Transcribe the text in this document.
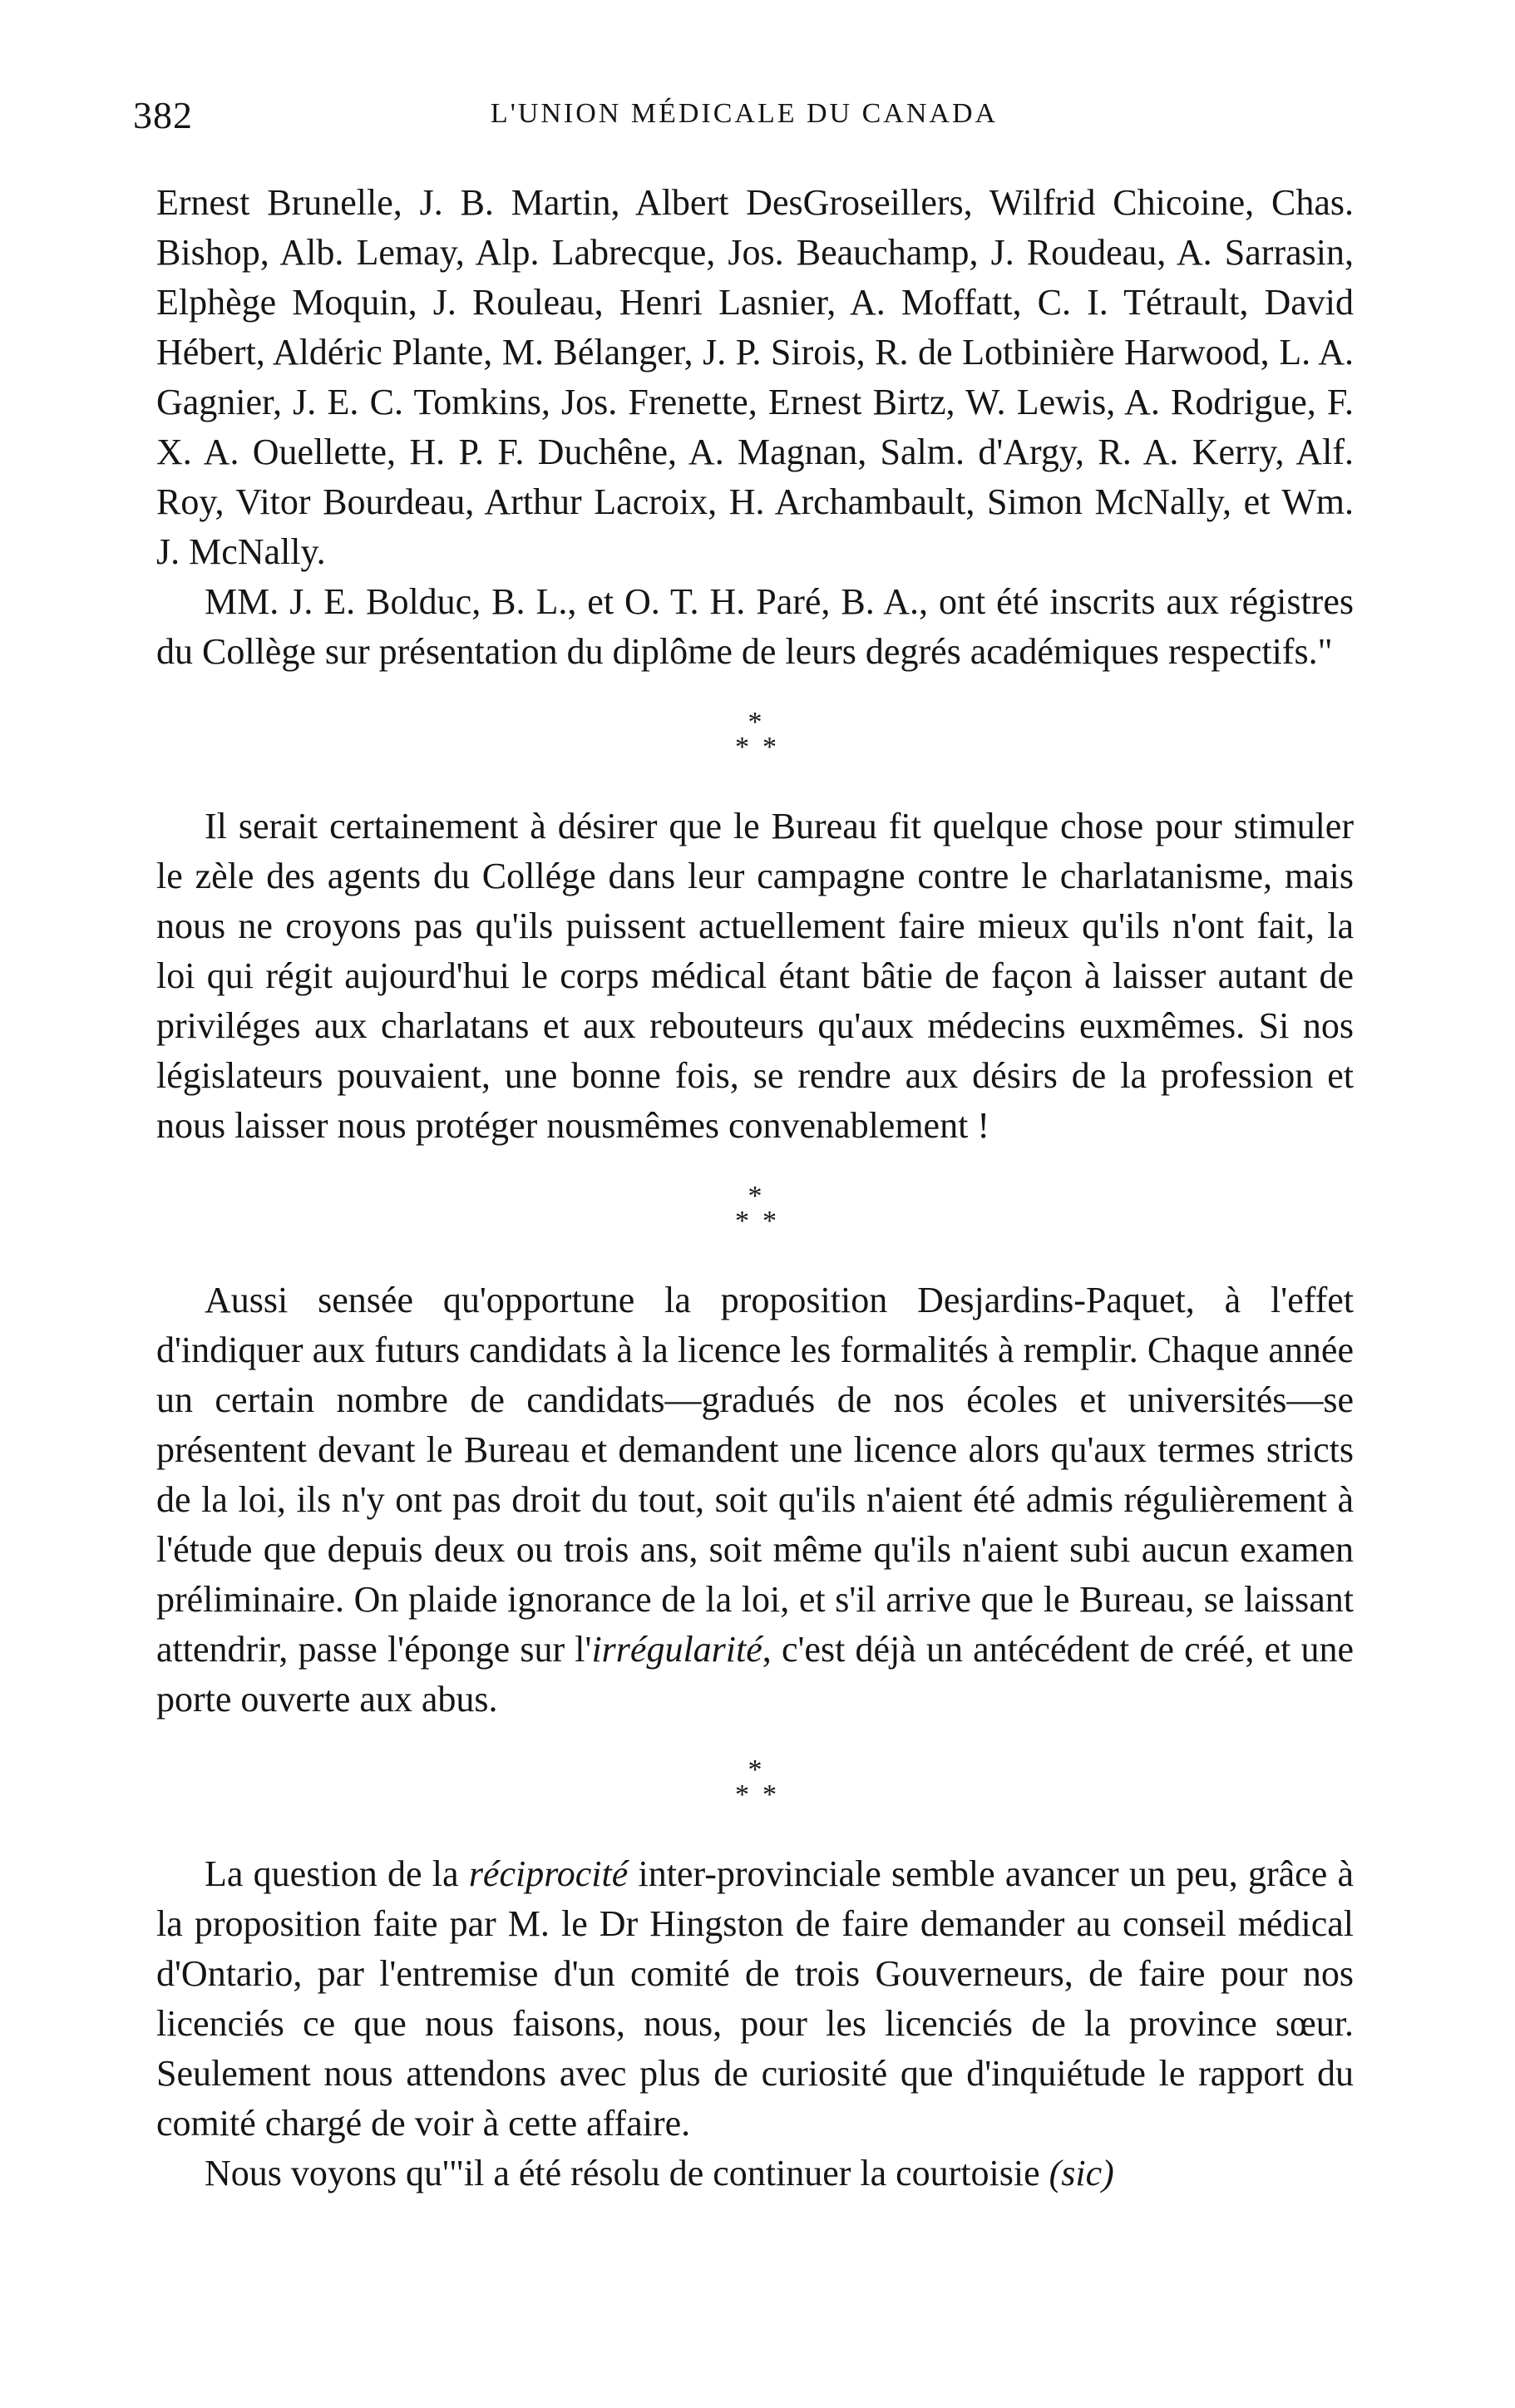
382	L'UNION MÉDICALE DU CANADA

Ernest Brunelle, J. B. Martin, Albert DesGroseillers, Wilfrid Chicoine, Chas. Bishop, Alb. Lemay, Alp. Labrecque, Jos. Beauchamp, J. Roudeau, A. Sarrasin, Elphège Moquin, J. Rouleau, Henri Lasnier, A. Moffatt, C. I. Tétrault, David Hébert, Aldéric Plante, M. Bélanger, J. P. Sirois, R. de Lotbinière Harwood, L. A. Gagnier, J. E. C. Tomkins, Jos. Frenette, Ernest Birtz, W. Lewis, A. Rodrigue, F. X. A. Ouellette, H. P. F. Duchêne, A. Magnan, Salm. d'Argy, R. A. Kerry, Alf. Roy, Vitor Bourdeau, Arthur Lacroix, H. Archambault, Simon McNally, et Wm. J. McNally.

MM. J. E. Bolduc, B. L., et O. T. H. Paré, B. A., ont été inscrits aux régistres du Collège sur présentation du diplôme de leurs degrés académiques respectifs."

*
**

Il serait certainement à désirer que le Bureau fit quelque chose pour stimuler le zèle des agents du Collége dans leur campagne contre le charlatanisme, mais nous ne croyons pas qu'ils puissent actuellement faire mieux qu'ils n'ont fait, la loi qui régit aujourd'hui le corps médical étant bâtie de façon à laisser autant de priviléges aux charlatans et aux rebouteurs qu'aux médecins euxmêmes. Si nos législateurs pouvaient, une bonne fois, se rendre aux désirs de la profession et nous laisser nous protéger nousmêmes convenablement !

*
**

Aussi sensée qu'opportune la proposition Desjardins-Paquet, à l'effet d'indiquer aux futurs candidats à la licence les formalités à remplir. Chaque année un certain nombre de candidats—gradués de nos écoles et universités—se présentent devant le Bureau et demandent une licence alors qu'aux termes stricts de la loi, ils n'y ont pas droit du tout, soit qu'ils n'aient été admis régulièrement à l'étude que depuis deux ou trois ans, soit même qu'ils n'aient subi aucun examen préliminaire. On plaide ignorance de la loi, et s'il arrive que le Bureau, se laissant attendrir, passe l'éponge sur l'irrégularité, c'est déjà un antécédent de créé, et une porte ouverte aux abus.

*
**

La question de la réciprocité inter-provinciale semble avancer un peu, grâce à la proposition faite par M. le Dr Hingston de faire demander au conseil médical d'Ontario, par l'entremise d'un comité de trois Gouverneurs, de faire pour nos licenciés ce que nous faisons, nous, pour les licenciés de la province sœur. Seulement nous attendons avec plus de curiosité que d'inquiétude le rapport du comité chargé de voir à cette affaire.

Nous voyons qu'"il a été résolu de continuer la courtoisie (sic)
